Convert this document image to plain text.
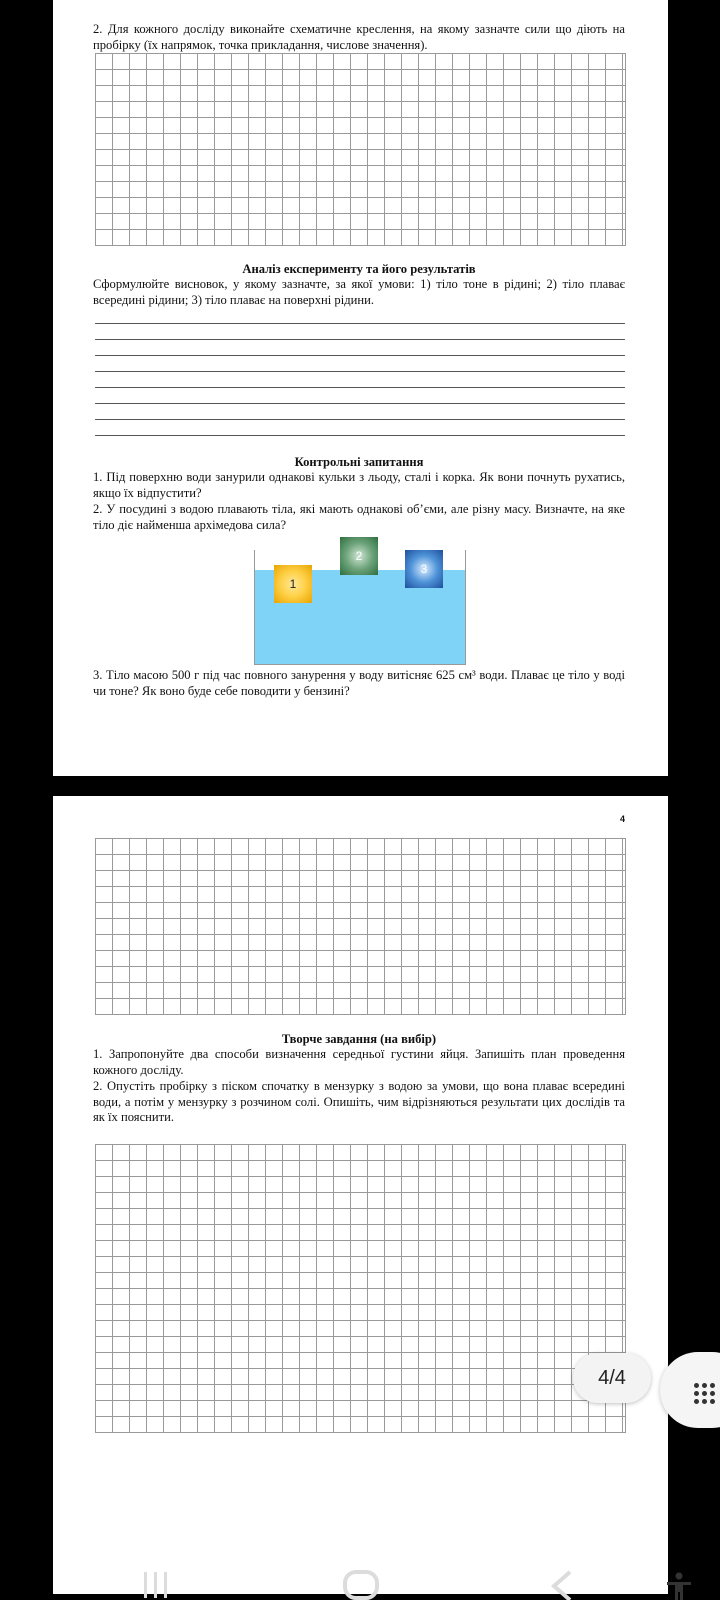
2. Для кожного досліду виконайте схематичне креслення, на якому зазначте сили що діють на пробірку (їх напрямок, точка прикладання, числове значення).
Аналіз експерименту та його результатів
Сформулюйте висновок, у якому зазначте, за якої умови: 1) тіло тоне в рідині; 2) тіло плаває всередині рідини; 3) тіло плаває на поверхні рідини.
Контрольні запитання
1. Під поверхню води занурили однакові кульки з льоду, сталі і корка. Як вони почнуть рухатись, якщо їх відпустити?
2. У посудині з водою плавають тіла, які мають однакові об’єми, але різну масу. Визначте, на яке тіло діє найменша архімедова сила?
1
2
3
3. Тіло масою 500 г під час повного занурення у воду витісняє 625 см³ води. Плаває це тіло у воді чи тоне? Як воно буде себе поводити у бензині?
4
Творче завдання (на вибір)
1. Запропонуйте два способи визначення середньої густини яйця. Запишіть план проведення кожного досліду.
2. Опустіть пробірку з піском спочатку в мензурку з водою за умови, що вона плаває всередині води, а потім у мензурку з розчином солі. Опишіть, чим відрізняються результати цих дослідів та як їх пояснити.
4/4
